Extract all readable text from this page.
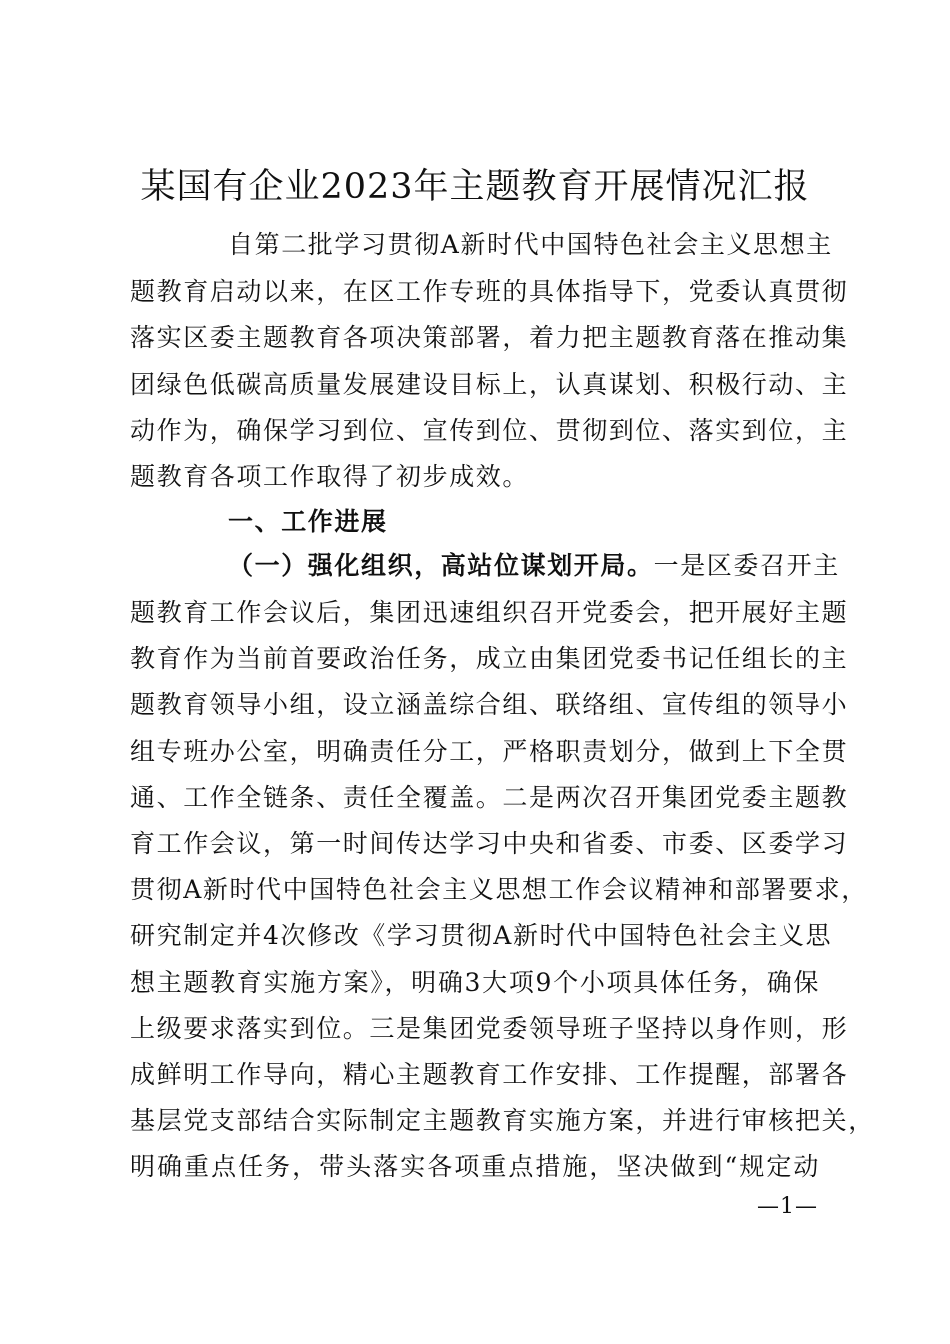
某国有企业2023年主题教育开展情况汇报
自第二批学习贯彻A新时代中国特色社会主义思想主
题教育启动以来，在区工作专班的具体指导下，党委认真贯彻
落实区委主题教育各项决策部署，着力把主题教育落在推动集
团绿色低碳高质量发展建设目标上，认真谋划、积极行动、主
动作为，确保学习到位、宣传到位、贯彻到位、落实到位，主
题教育各项工作取得了初步成效。
一、工作进展
（一）强化组织，高站位谋划开局。一是区委召开主
题教育工作会议后，集团迅速组织召开党委会，把开展好主题
教育作为当前首要政治任务，成立由集团党委书记任组长的主
题教育领导小组，设立涵盖综合组、联络组、宣传组的领导小
组专班办公室，明确责任分工，严格职责划分，做到上下全贯
通、工作全链条、责任全覆盖。二是两次召开集团党委主题教
育工作会议，第一时间传达学习中央和省委、市委、区委学习
贯彻A新时代中国特色社会主义思想工作会议精神和部署要求，
研究制定并4次修改《学习贯彻A新时代中国特色社会主义思
想主题教育实施方案》，明确3大项9个小项具体任务，确保
上级要求落实到位。三是集团党委领导班子坚持以身作则，形
成鲜明工作导向，精心主题教育工作安排、工作提醒，部署各
基层党支部结合实际制定主题教育实施方案，并进行审核把关，
明确重点任务，带头落实各项重点措施，坚决做到“规定动
—1—
